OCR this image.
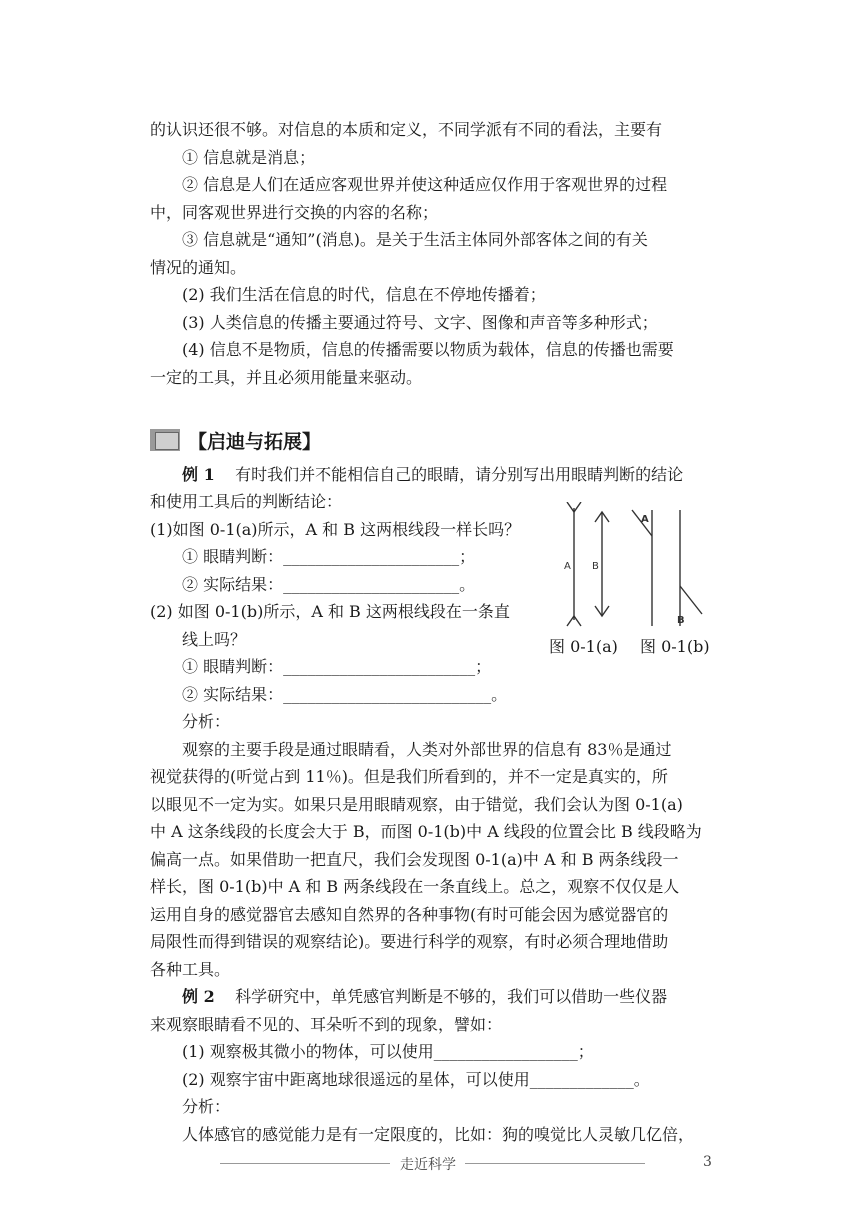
的认识还很不够。对信息的本质和定义，不同学派有不同的看法，主要有
① 信息就是消息；
② 信息是人们在适应客观世界并使这种适应仅作用于客观世界的过程
中，同客观世界进行交换的内容的名称；
③ 信息就是“通知”(消息)。是关于生活主体同外部客体之间的有关
情况的通知。
(2) 我们生活在信息的时代，信息在不停地传播着；
(3) 人类信息的传播主要通过符号、文字、图像和声音等多种形式；
(4) 信息不是物质，信息的传播需要以物质为载体，信息的传播也需要
一定的工具，并且必须用能量来驱动。
【启迪与拓展】
例 1 有时我们并不能相信自己的眼睛，请分别写出用眼睛判断的结论
和使用工具后的判断结论：
(1)如图 0-1(a)所示，A 和 B 这两根线段一样长吗？
① 眼睛判断：______________________；
② 实际结果：______________________。
(2) 如图 0-1(b)所示，A 和 B 这两根线段在一条直
线上吗？
① 眼睛判断：________________________；
② 实际结果：__________________________。
分析：
观察的主要手段是通过眼睛看，人类对外部世界的信息有 83％是通过
视觉获得的(听觉占到 11％)。但是我们所看到的，并不一定是真实的，所
以眼见不一定为实。如果只是用眼睛观察，由于错觉，我们会认为图 0-1(a)
中 A 这条线段的长度会大于 B，而图 0-1(b)中 A 线段的位置会比 B 线段略为
偏高一点。如果借助一把直尺，我们会发现图 0-1(a)中 A 和 B 两条线段一
样长，图 0-1(b)中 A 和 B 两条线段在一条直线上。总之，观察不仅仅是人
运用自身的感觉器官去感知自然界的各种事物(有时可能会因为感觉器官的
局限性而得到错误的观察结论)。要进行科学的观察，有时必须合理地借助
各种工具。
A B
A
B
图 0-1(a) 图 0-1(b)
例 2 科学研究中，单凭感官判断是不够的，我们可以借助一些仪器
来观察眼睛看不见的、耳朵听不到的现象，譬如：
(1) 观察极其微小的物体，可以使用__________________；
(2) 观察宇宙中距离地球很遥远的星体，可以使用_____________。
分析：
人体感官的感觉能力是有一定限度的，比如：狗的嗅觉比人灵敏几亿倍，
走近科学	3
